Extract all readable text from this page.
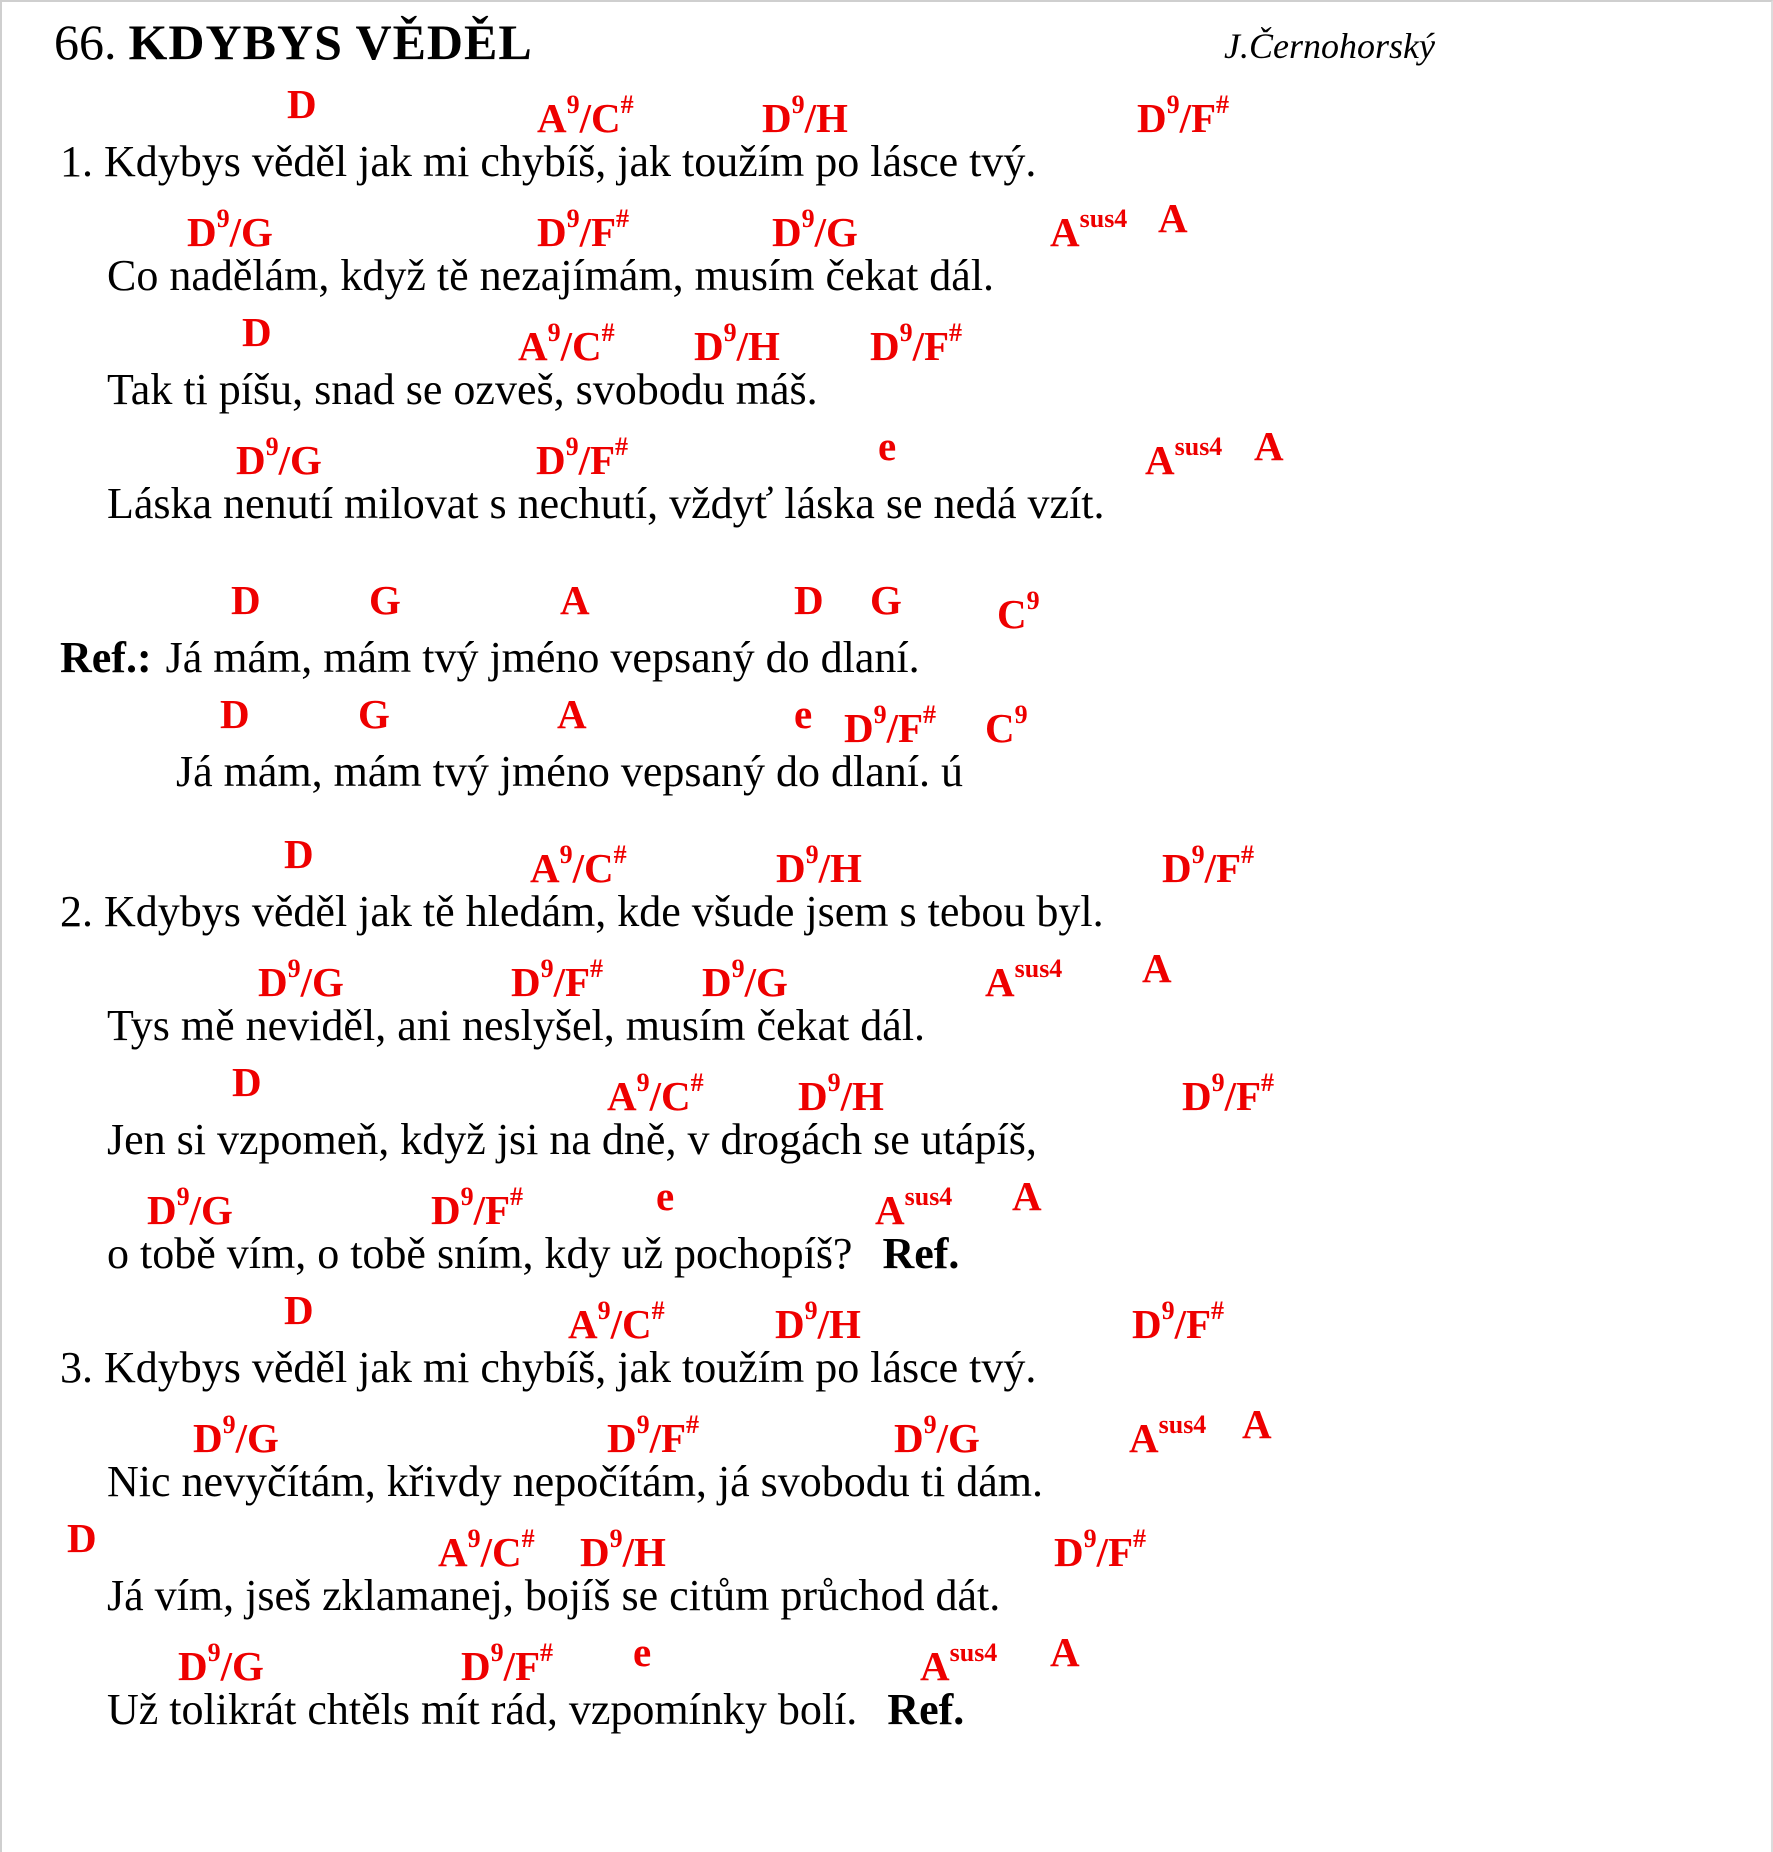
66. KDYBYS VĚDĚL	J.Černohorský
D	$A^9/C^{\#}$	$D^9/H$	$D^9/F^{\#}$
1. Kdybys věděl jak mi chybíš, jak toužím po lásce tvý.
$D^9/G$	$D^9/F^{\#}$	$D^9/G$	$A^{sus4}$ A
Co nadělám, když tě nezajímám, musím čekat dál.
D	$A^9/C^{\#}$ $D^9/H$ $D^9/F^{\#}$
Tak ti píšu, snad se ozveš, svobodu máš.
$D^9/G$	$D^9/F^{\#}$	e	$A^{sus4}$ A
Láska nenutí milovat s nechutí, vždyť láska se nedá vzít.
D	G	A	D G $C^9$
Ref.: Já mám, mám tvý jméno vepsaný do dlaní.
D	G	A	e $D^9/F^{\#}$ $C^9$
Já mám, mám tvý jméno vepsaný do dlaní. ú
D	$A^9/C^{\#}$	$D^9/H$	$D^9/F^{\#}$
2. Kdybys věděl jak tě hledám, kde všude jsem s tebou byl.
$D^9/G$	$D^9/F^{\#}$ $D^9/G$	$A^{sus4}$ A
Tys mě neviděl, ani neslyšel, musím čekat dál.
D	$A^9/C^{\#}$ $D^9/H$	$D^9/F^{\#}$
Jen si vzpomeň, když jsi na dně, v drogách se utápíš,
$D^9/G$	$D^9/F^{\#}$	e	$A^{sus4}$ A
o tobě vím, o tobě sním, kdy už pochopíš? Ref.
D	$A^9/C^{\#}$	$D^9/H$	$D^9/F^{\#}$
3. Kdybys věděl jak mi chybíš, jak toužím po lásce tvý.
$D^9/G$	$D^9/F^{\#}$	$D^9/G$	$A^{sus4}$ A
Nic nevyčítám, křivdy nepočítám, já svobodu ti dám.
D	$A^9/C^{\#}$ $D^9/H$	$D^9/F^{\#}$
Já vím, jseš zklamanej, bojíš se citům průchod dát.
$D^9/G$	$D^9/F^{\#}$ e	$A^{sus4}$ A
Už tolikrát chtěls mít rád, vzpomínky bolí. Ref.
